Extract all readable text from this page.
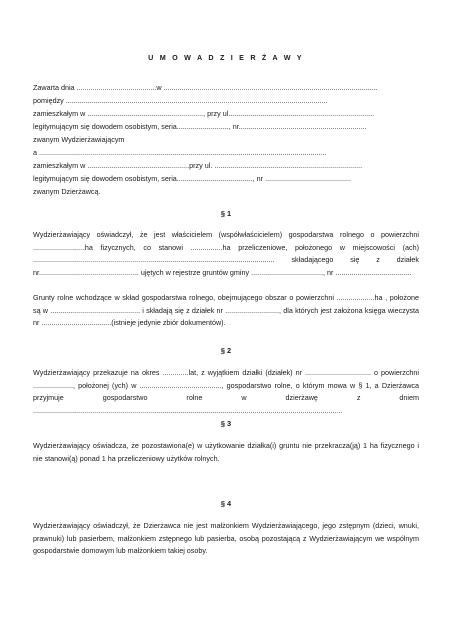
U M O W A D Z I E R Ż A W Y
Zawarta dnia ........................................w ...........................................................................................................
pomiędzy ...................................................................................................................................
zamieszkałym w .........................................................., przy ul.........................................................................
legitymującym się dowodem osobistym, seria.........................., nr................................................................
zwanym Wydzierżawiającym
a ................................................................................................................................................
zamieszkałym w ...................................................przy ul. ..........................................................................
legitymującym się dowodem osobistym, seria......................................, nr ...........................................
zwanym Dzierżawcą.
§ 1
Wydzierżawiający oświadczył, że jest właścicielem (współwłaścicielem) gospodarstwa rolnego o powierzchni ..........................ha fizycznych, co stanowi ................ha przeliczeniowe, położonego w miejscowości (ach) ......................................................................................................................... składającego się z działek nr.................................................. ujętych w rejestrze gruntów gminy ...................................., nr ......................................
Grunty rolne wchodzące w skład gospodarstwa rolnego, obejmującego obszar o powierzchni ...................ha , położone są w ............................................. i składają się z działek nr ..........................., dla których jest założona księga wieczysta nr ...................................(istnieje jedynie zbiór dokumentów).
§ 2
Wydzierżawiający przekazuje na okres .............lat, z wyjątkiem działki (działek) nr ................................. o powierzchni ...................., położonej (ych) w ........................................., gospodarstwo rolne, o którym mowa w § 1, a Dzierżawca przyjmuje gospodarstwo rolne w dzierżawę z dniem ...........................................................................................................................................................
§ 3
Wydzierżawiający oświadcza, że pozostawiona(e) w użytkowanie działka(i) gruntu nie przekracza(ją) 1 ha fizycznego i nie stanowi(ą) ponad 1 ha przeliczeniowy użytków rolnych.
§ 4
Wydzierżawiający oświadczył, że Dzierżawca nie jest małżonkiem Wydzierżawiającego, jego zstępnym (dzieci, wnuki, prawnuki) lub pasierbem, małżonkiem zstępnego lub pasierba, osobą pozostającą z Wydzierżawiającym we wspólnym gospodarstwie domowym lub małżonkiem takiej osoby.
